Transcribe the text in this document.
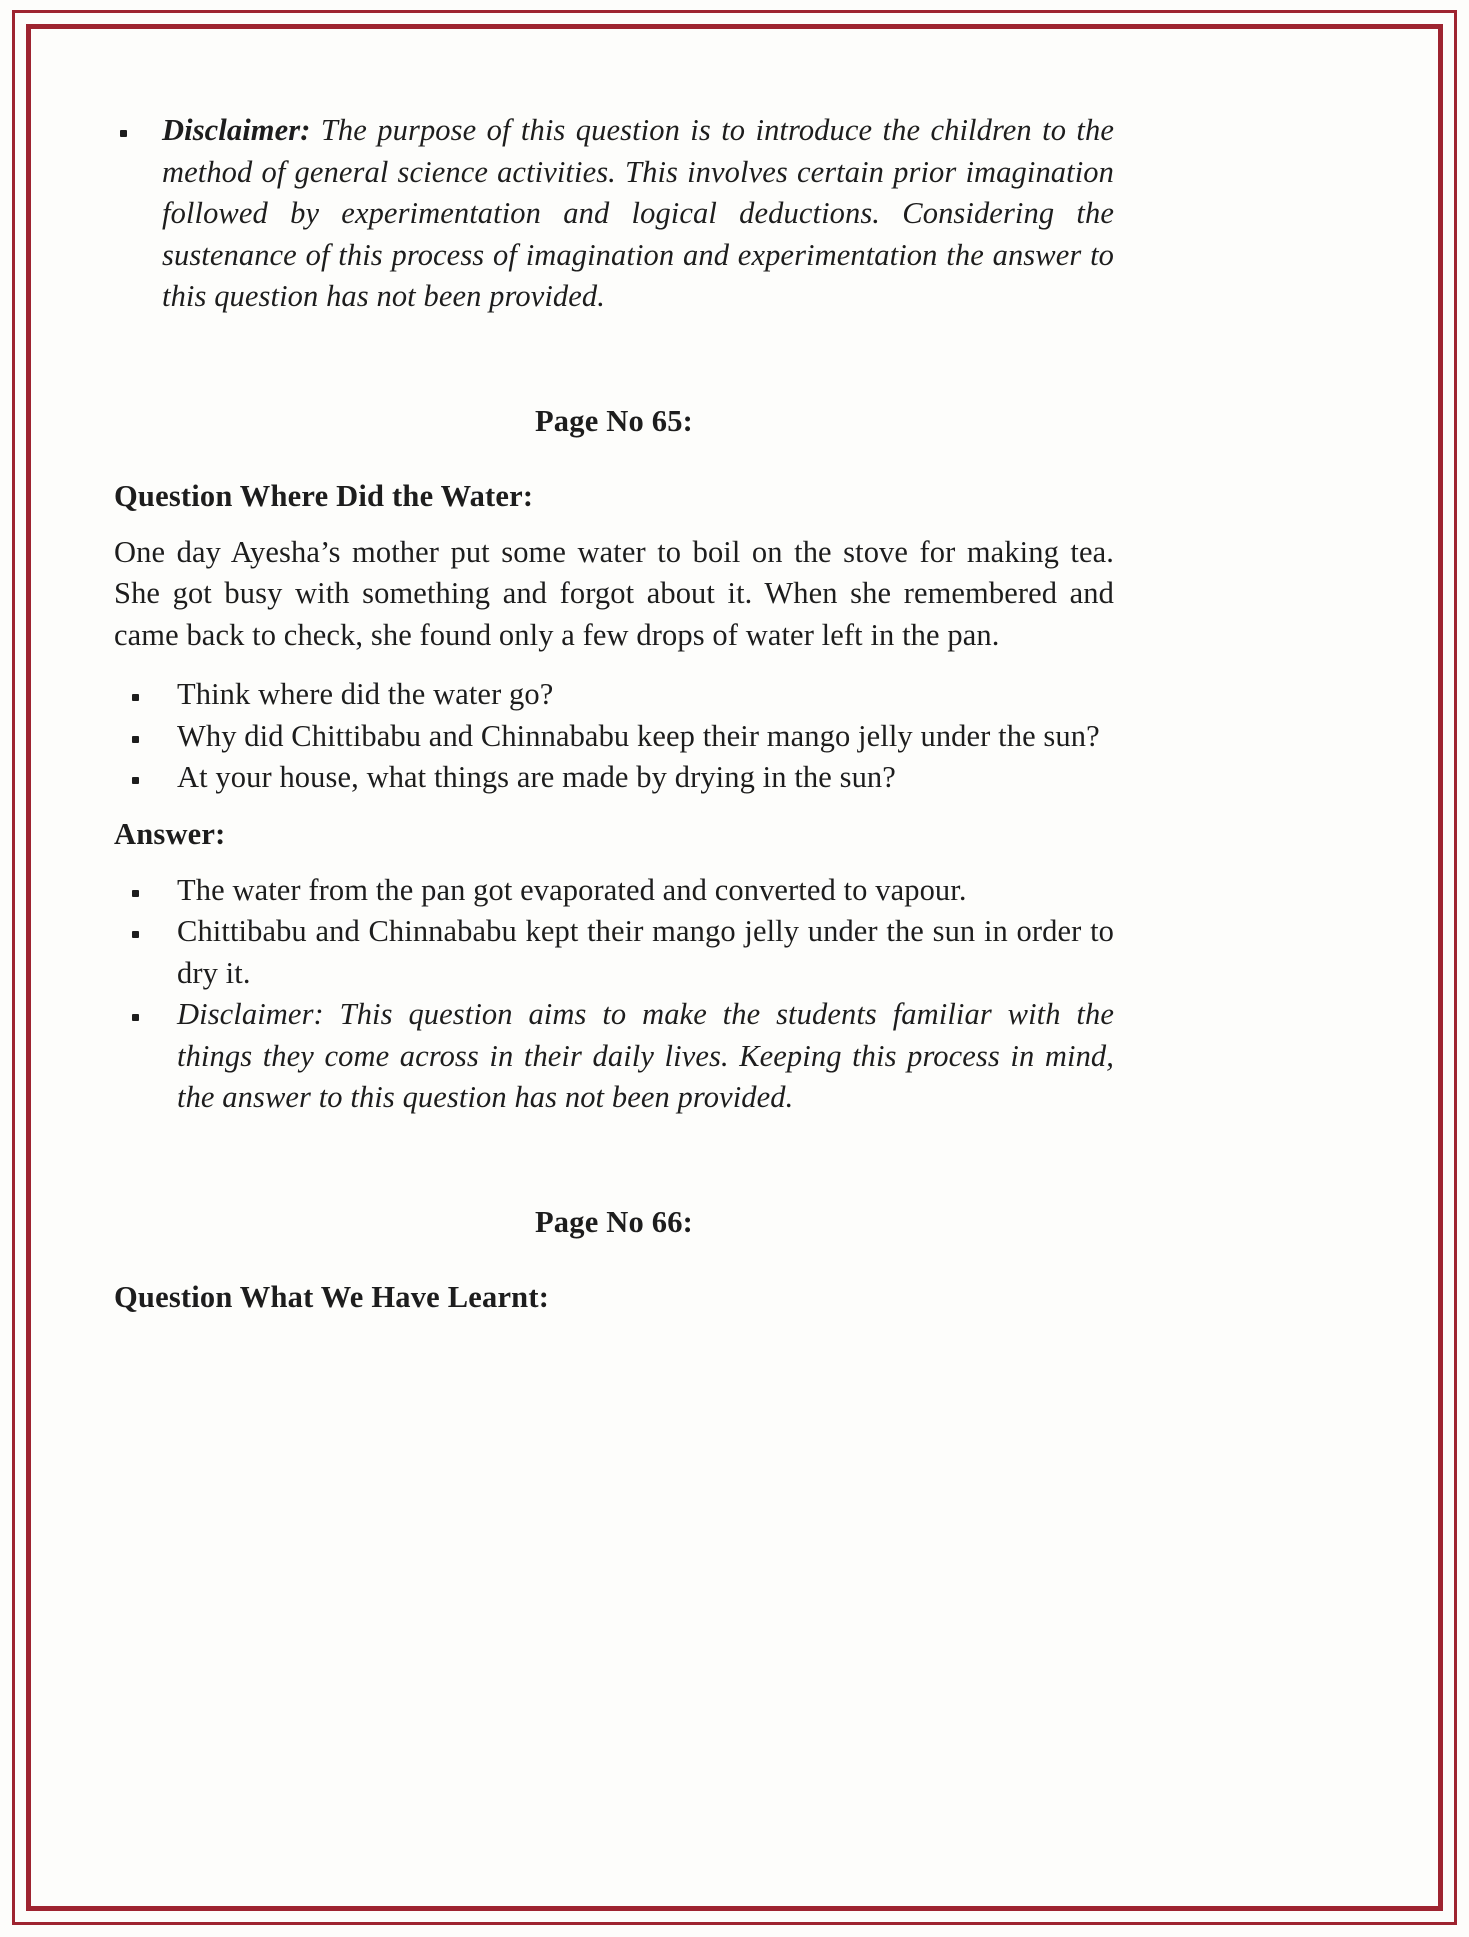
Disclaimer: The purpose of this question is to introduce the children to the method of general science activities. This involves certain prior imagination followed by experimentation and logical deductions. Considering the sustenance of this process of imagination and experimentation the answer to this question has not been provided.
Page No 65:
Question Where Did the Water:

One day Ayesha’s mother put some water to boil on the stove for making tea. She got busy with something and forgot about it. When she remembered and came back to check, she found only a few drops of water left in the pan.

Think where did the water go?
Why did Chittibabu and Chinnababu keep their mango jelly under the sun?
At your house, what things are made by drying in the sun?
Answer:
The water from the pan got evaporated and converted to vapour.
Chittibabu and Chinnababu kept their mango jelly under the sun in order to dry it.
Disclaimer: This question aims to make the students familiar with the things they come across in their daily lives. Keeping this process in mind, the answer to this question has not been provided.
Page No 66:
Question What We Have Learnt:
